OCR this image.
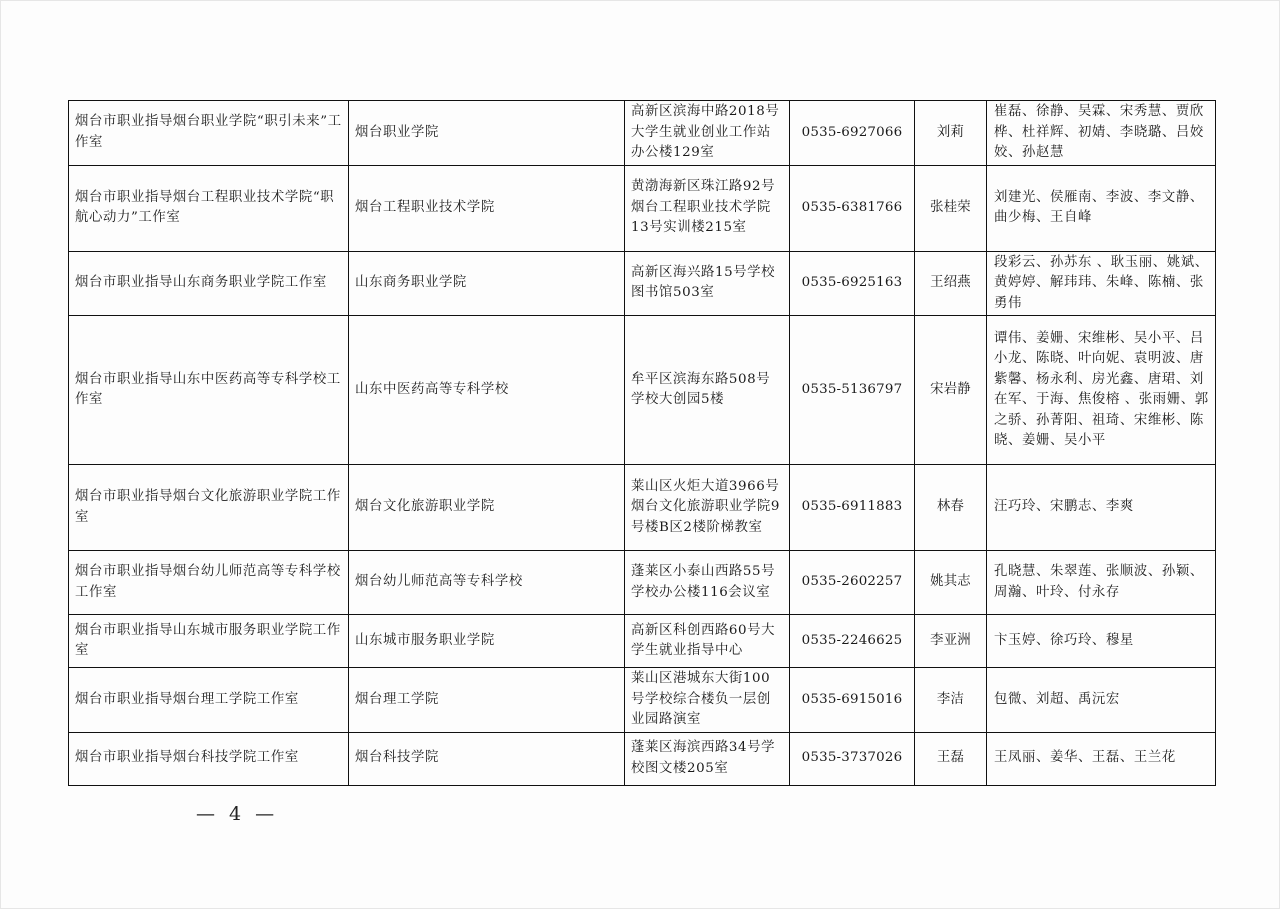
烟台市职业指导烟台职业学院“职引未来”工作室	烟台职业学院	高新区滨海中路2018号大学生就业创业工作站办公楼129室	0535-6927066	刘莉	崔磊、徐静、吴霖、宋秀慧、贾欣桦、杜祥辉、初婧、李晓璐、吕姣姣、孙赵慧
烟台市职业指导烟台工程职业技术学院“职航心动力”工作室	烟台工程职业技术学院	黄渤海新区珠江路92号烟台工程职业技术学院13号实训楼215室	0535-6381766	张桂荣	刘建光、侯雁南、李波、李文静、曲少梅、王自峰
烟台市职业指导山东商务职业学院工作室	山东商务职业学院	高新区海兴路15号学校图书馆503室	0535-6925163	王绍燕	段彩云、孙苏东 、耿玉丽、姚斌、黄婷婷、解玮玮、朱峰、陈楠、张勇伟
烟台市职业指导山东中医药高等专科学校工作室	山东中医药高等专科学校	牟平区滨海东路508号学校大创园5楼	0535-5136797	宋岩静	谭伟、姜姗、宋维彬、吴小平、吕小龙、陈晓、叶向妮、袁明波、唐紫馨、杨永利、房光鑫、唐珺、刘在军、于海、焦俊榕 、张雨姗、郭之骄、孙菁阳、祖琦、宋维彬、陈晓、姜姗、吴小平
烟台市职业指导烟台文化旅游职业学院工作室	烟台文化旅游职业学院	莱山区火炬大道3966号烟台文化旅游职业学院9号楼B区2楼阶梯教室	0535-6911883	林春	汪巧玲、宋鹏志、李爽
烟台市职业指导烟台幼儿师范高等专科学校工作室	烟台幼儿师范高等专科学校	蓬莱区小泰山西路55号学校办公楼116会议室	0535-2602257	姚其志	孔晓慧、朱翠莲、张顺波、孙颖、周瀚、叶玲、付永存
烟台市职业指导山东城市服务职业学院工作室	山东城市服务职业学院	高新区科创西路60号大学生就业指导中心	0535-2246625	李亚洲	卞玉婷、徐巧玲、穆星
烟台市职业指导烟台理工学院工作室	烟台理工学院	莱山区港城东大街100号学校综合楼负一层创业园路演室	0535-6915016	李洁	包微、刘超、禹沅宏
烟台市职业指导烟台科技学院工作室	烟台科技学院	蓬莱区海滨西路34号学校图文楼205室	0535-3737026	王磊	王凤丽、姜华、王磊、王兰花
— 4 —
